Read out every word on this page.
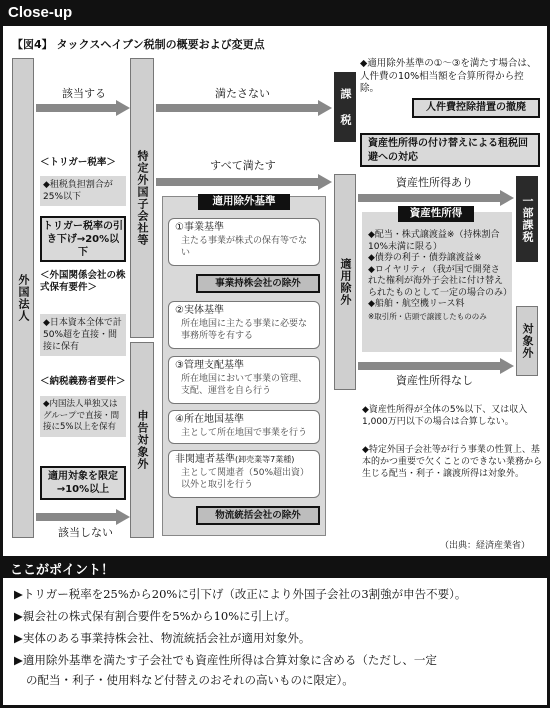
Close-up
【図4】 タックスヘイブン税制の概要および変更点
外国法人
特定外国子会社等
申告対象外
該当する	満たさない	課 税
◆適用除外基準の①～③を満たす場合は、人件費の10%相当額を合算所得から控除。
人件費控除措置の撤廃
資産性所得の付け替えによる租税回避への対応
＜トリガー税率＞
◆租税負担割合が25%以下
トリガー税率の引き下げ→20%以下
＜外国関係会社の株式保有要件＞
◆日本資本全体で計50%超を直接・間接に保有
＜納税義務者要件＞
◆内国法人単独又はグループで直接・間接に5%以上を保有
適用対象を限定→10%以上
該当しない
すべて満たす
適用除外基準
①事業基準
主たる事業が株式の保有等でない
事業持株会社の除外
②実体基準
所在地国に主たる事業に必要な事務所等を有する
③管理支配基準
所在地国において事業の管理、支配、運営を自ら行う
④所在地国基準
主として所在地国で事業を行う
非関連者基準(卸売業等7業種)
主として関連者（50%超出資）以外と取引を行う
物流統括会社の除外
適用除外
資産性所得あり
資産性所得なし
◆配当・株式譲渡益※（持株割合10%未満に限る）
◆債券の利子・債券譲渡益※
◆ロイヤリティ（我が国で開発された権利が海外子会社に付け替えられたものとして一定の場合のみ）
◆船舶・航空機リース料
※取引所・店頭で譲渡したもののみ
資産性所得	一部課税
対象外
◆資産性所得が全体の5%以下、又は収入1,000万円以下の場合は合算しない。
◆特定外国子会社等が行う事業の性質上、基本的かつ重要で欠くことのできない業務から生じる配当・利子・譲渡所得は対象外。
（出典：経済産業省）
ここがポイント！
▶トリガー税率を25%から20%に引下げ（改正により外国子会社の3割強が申告不要）。
▶親会社の株式保有割合要件を5%から10%に引上げ。
▶実体のある事業持株会社、物流統括会社が適用対象外。
▶適用除外基準を満たす子会社でも資産性所得は合算対象に含める（ただし、一定
の配当・利子・使用料など付替えのおそれの高いものに限定）。
